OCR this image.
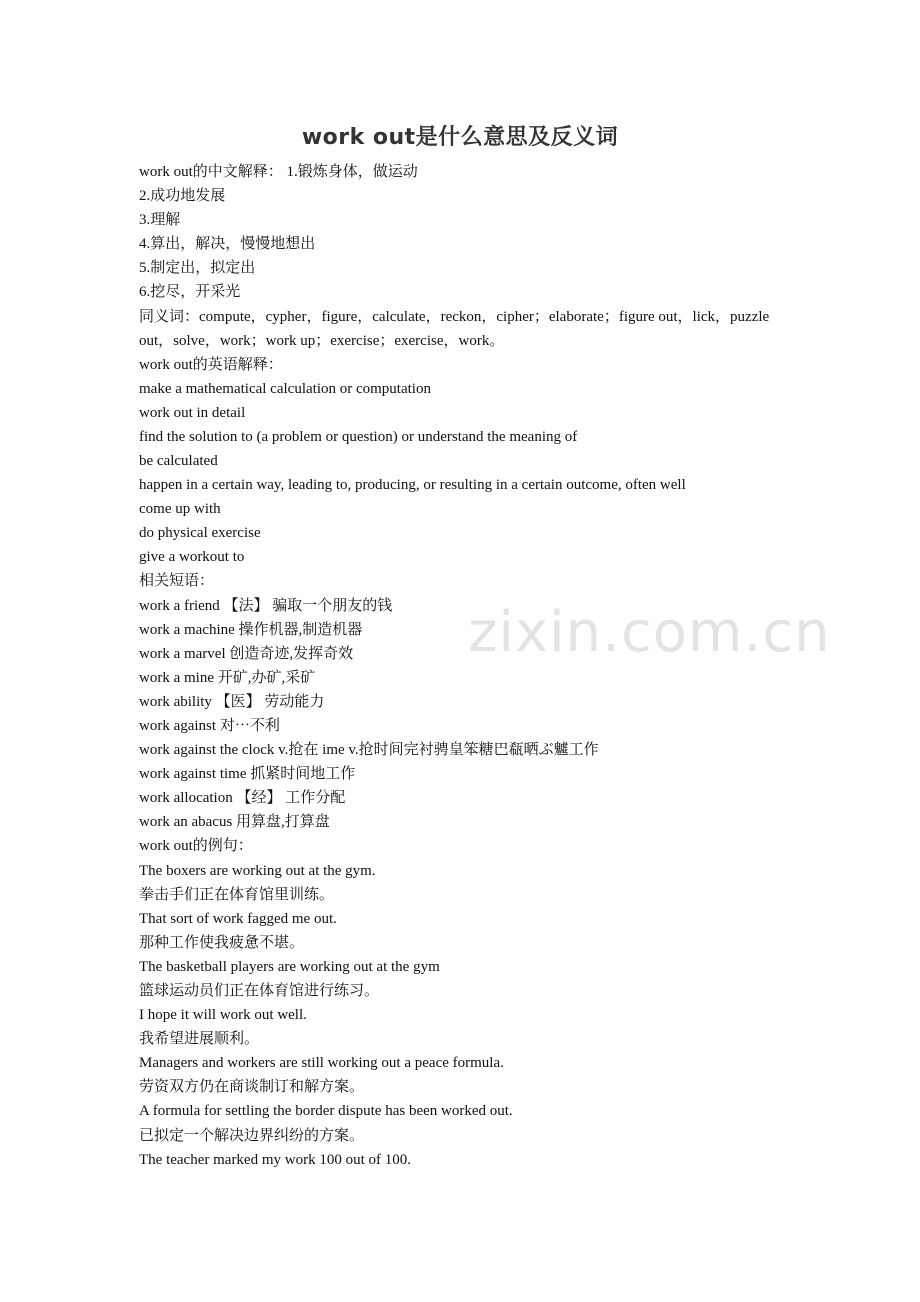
work out是什么意思及反义词
zixin.com.cn
work out的中文解释： 1.锻炼身体，做运动
2.成功地发展
3.理解
4.算出，解决，慢慢地想出
5.制定出，拟定出
6.挖尽，开采光
同义词：compute，cypher，figure，calculate，reckon，cipher；elaborate；figure out，lick，puzzle out，solve，work；work up；exercise；exercise，work。
work out的英语解释：
make a mathematical calculation or computation
work out in detail
find the solution to (a problem or question) or understand the meaning of
be calculated
happen in a certain way, leading to, producing, or resulting in a certain outcome, often well
come up with
do physical exercise
give a workout to
相关短语：
work a friend 【法】 骗取一个朋友的钱
work a machine 操作机器,制造机器
work a marvel 创造奇迹,发挥奇效
work a mine 开矿,办矿,采矿
work ability 【医】 劳动能力
work against 对⋯不利
work against the clock v.抢在 ime v.抢时间完衬骋皇笨糖巴瓻晒ぶ魖工作
work against time 抓紧时间地工作
work allocation 【经】 工作分配
work an abacus 用算盘,打算盘
work out的例句：
The boxers are working out at the gym.
拳击手们正在体育馆里训练。
That sort of work fagged me out.
那种工作使我疲惫不堪。
The basketball players are working out at the gym
篮球运动员们正在体育馆进行练习。
I hope it will work out well.
我希望进展顺利。
Managers and workers are still working out a peace formula.
劳资双方仍在商谈制订和解方案。
A formula for settling the border dispute has been worked out.
已拟定一个解决边界纠纷的方案。
The teacher marked my work 100 out of 100.
